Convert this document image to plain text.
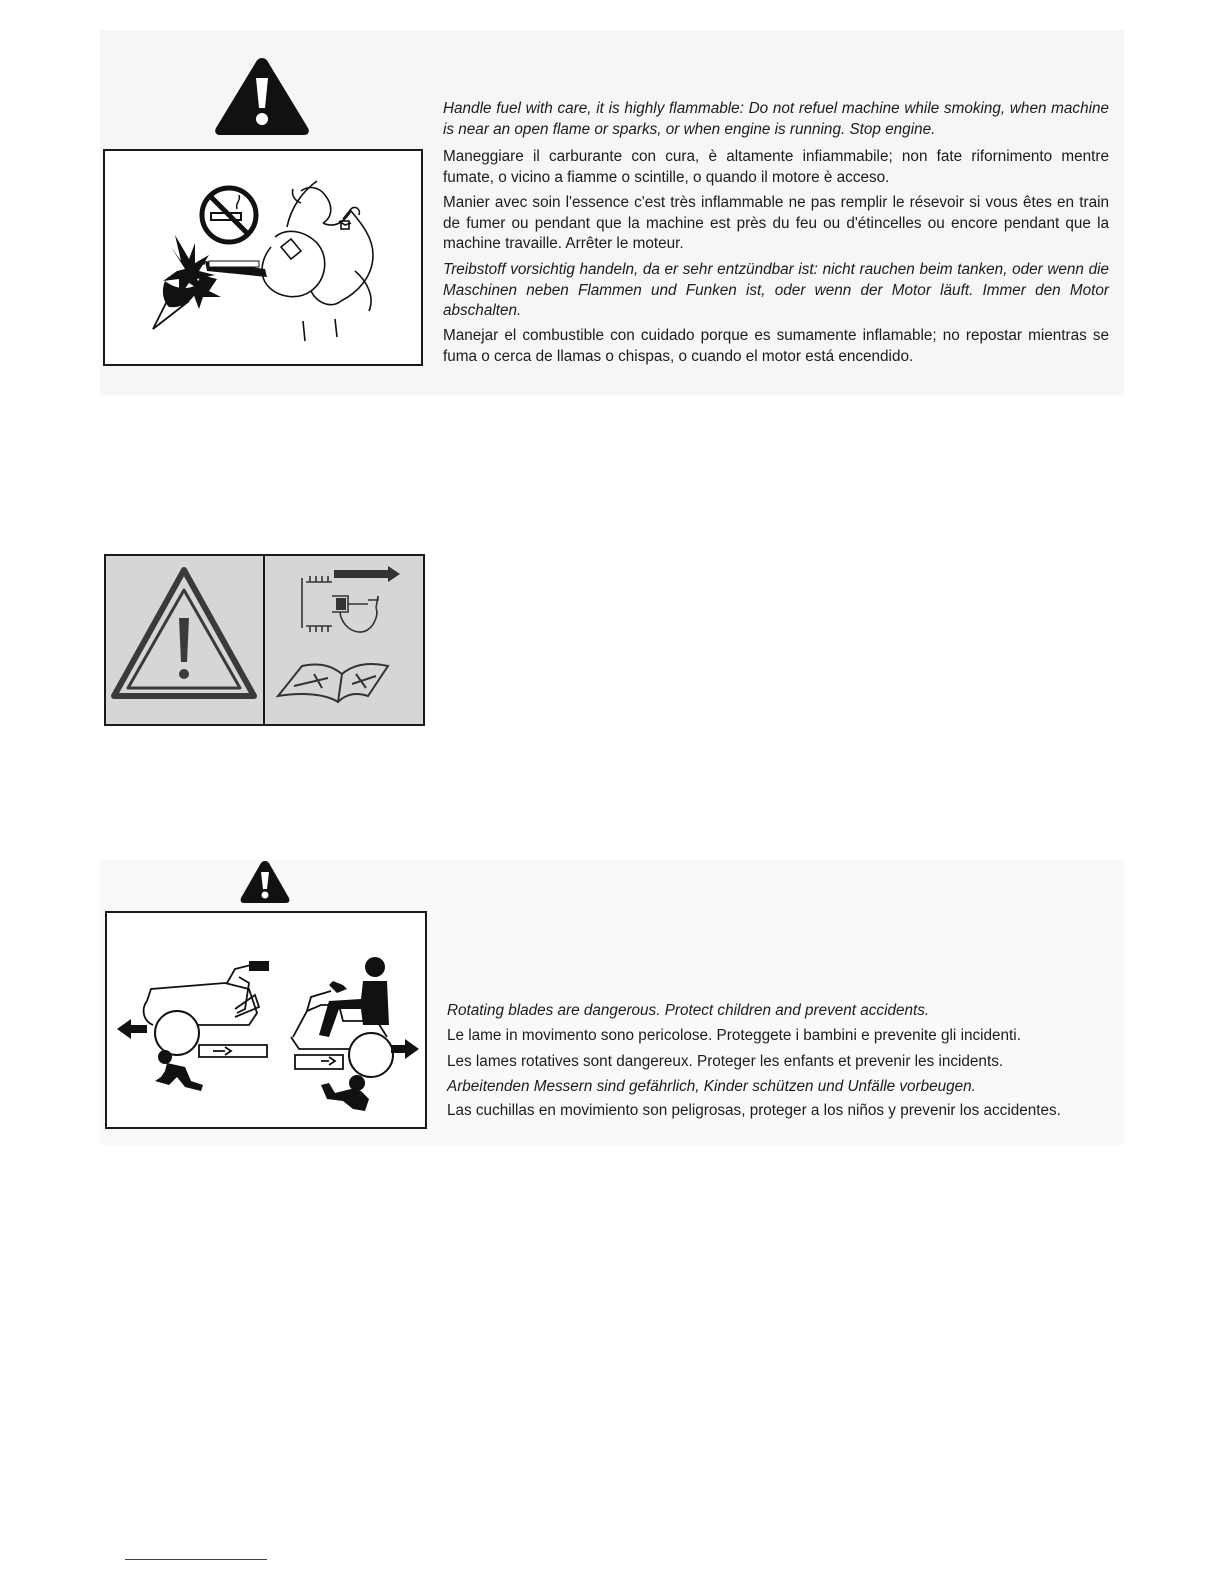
Handle fuel with care, it is highly flammable: Do not refuel machine while smoking, when machine is near an open flame or sparks, or when engine is running. Stop engine.

Maneggiare il carburante con cura, è altamente infiammabile; non fate rifornimento mentre fumate, o vicino a fiamme o scintille, o quando il motore è acceso.

Manier avec soin l'essence c'est très inflammable ne pas remplir le résevoir si vous êtes en train de fumer ou pendant que la machine est près du feu ou d'étincelles ou encore pendant que la machine travaille. Arrêter le moteur.

Treibstoff vorsichtig handeln, da er sehr entzündbar ist: nicht rauchen beim tanken, oder wenn die Maschinen neben Flammen und Funken ist, oder wenn der Motor läuft. Immer den Motor abschalten.

Manejar el combustible con cuidado porque es sumamente inflamable; no repostar mientras se fuma o cerca de llamas o chispas, o cuando el motor está encendido.

Rotating blades are dangerous. Protect children and prevent accidents.

Le lame in movimento sono pericolose. Proteggete i bambini e prevenite gli incidenti.

Les lames rotatives sont dangereux. Proteger les enfants et prevenir les incidents.

Arbeitenden Messern sind gefährlich, Kinder schützen und Unfälle vorbeugen.

Las cuchillas en movimiento son peligrosas, proteger a los niños y prevenir los accidentes.
